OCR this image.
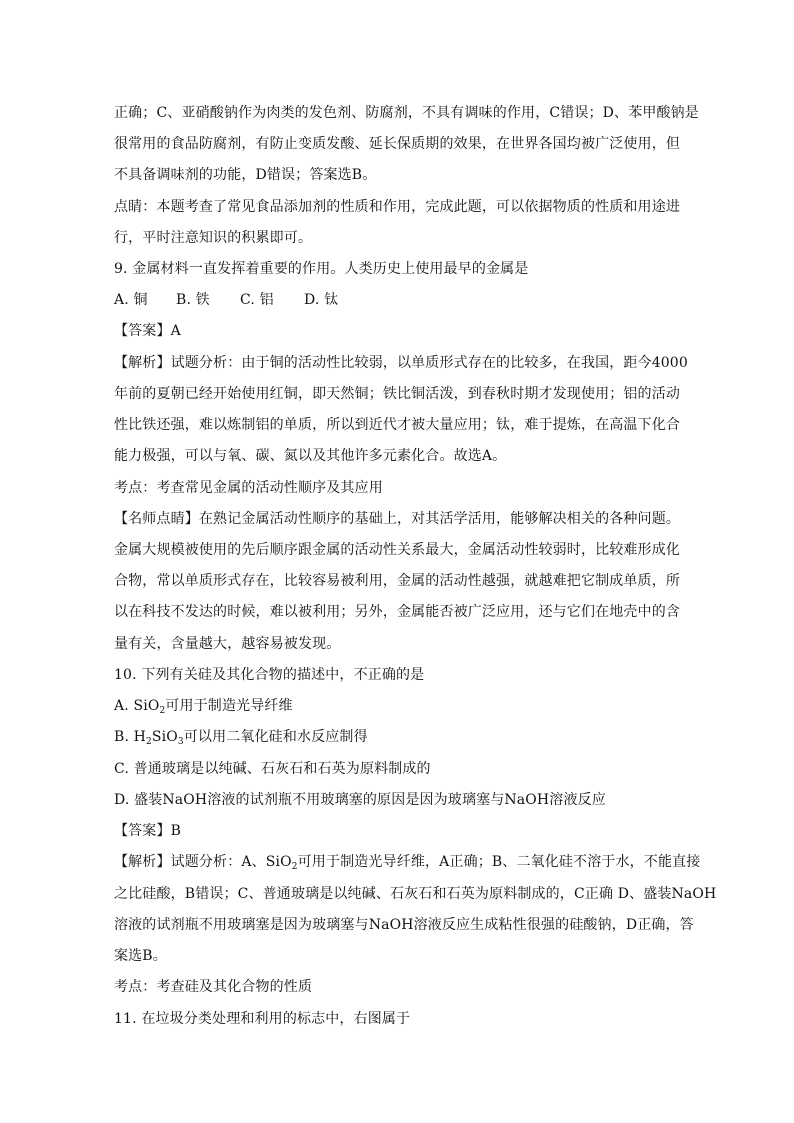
正确；C、亚硝酸钠作为肉类的发色剂、防腐剂，不具有调味的作用，C错误；D、苯甲酸钠是
很常用的食品防腐剂，有防止变质发酸、延长保质期的效果，在世界各国均被广泛使用，但
不具备调味剂的功能，D错误；答案选B。
点睛：本题考查了常见食品添加剂的性质和作用，完成此题，可以依据物质的性质和用途进
行，平时注意知识的积累即可。
9. 金属材料一直发挥着重要的作用。人类历史上使用最早的金属是
A. 铜 B. 铁 C. 铝 D. 钛
【答案】A
【解析】试题分析：由于铜的活动性比较弱，以单质形式存在的比较多，在我国，距今4000
年前的夏朝已经开始使用红铜，即天然铜；铁比铜活泼，到春秋时期才发现使用；铝的活动
性比铁还强，难以炼制铝的单质，所以到近代才被大量应用；钛，难于提炼，在高温下化合
能力极强，可以与氧、碳、氮以及其他许多元素化合。故选A。
考点：考查常见金属的活动性顺序及其应用
【名师点睛】在熟记金属活动性顺序的基础上，对其活学活用，能够解决相关的各种问题。
金属大规模被使用的先后顺序跟金属的活动性关系最大，金属活动性较弱时，比较难形成化
合物，常以单质形式存在，比较容易被利用，金属的活动性越强，就越难把它制成单质，所
以在科技不发达的时候，难以被利用；另外，金属能否被广泛应用，还与它们在地壳中的含
量有关，含量越大，越容易被发现。
10. 下列有关硅及其化合物的描述中，不正确的是
A. SiO$_2$可用于制造光导纤维
B. $H_2SiO_3$可以用二氧化硅和水反应制得
C. 普通玻璃是以纯碱、石灰石和石英为原料制成的
D. 盛装NaOH溶液的试剂瓶不用玻璃塞的原因是因为玻璃塞与NaOH溶液反应
【答案】B
【解析】试题分析：A、SiO$_2$可用于制造光导纤维，A正确；B、二氧化硅不溶于水，不能直接
之比硅酸，B错误；C、普通玻璃是以纯碱、石灰石和石英为原料制成的，C正确 D、盛装NaOH
溶液的试剂瓶不用玻璃塞是因为玻璃塞与NaOH溶液反应生成粘性很强的硅酸钠，D正确，答
案选B。
考点：考查硅及其化合物的性质
11. 在垃圾分类处理和利用的标志中，右图属于
